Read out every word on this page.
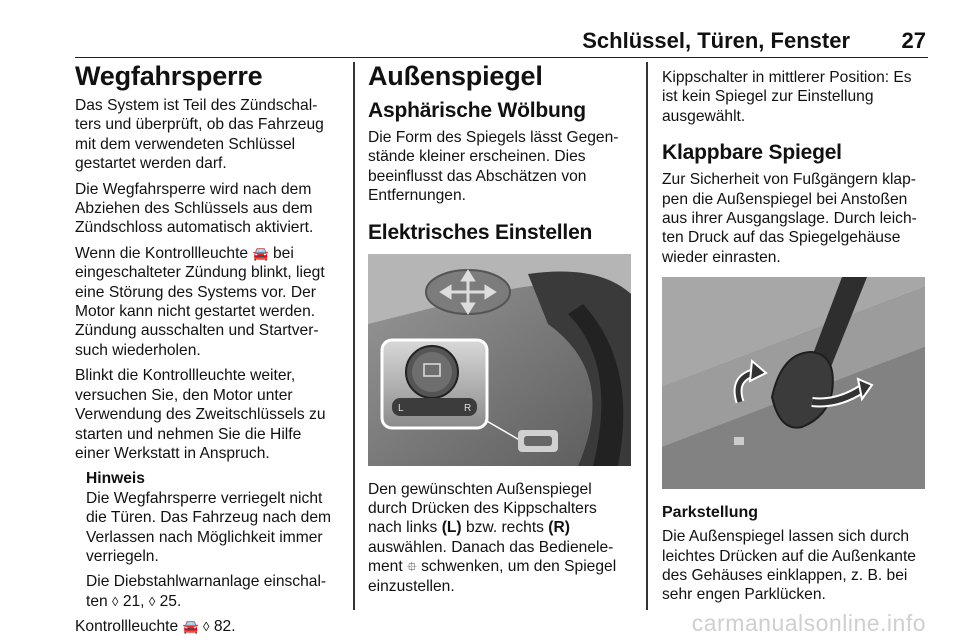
Schlüssel, Türen, Fenster 27
Wegfahrsperre

Das System ist Teil des Zündschal-ters und überprüft, ob das Fahrzeug mit dem verwendeten Schlüssel gestartet werden darf.

Die Wegfahrsperre wird nach dem Abziehen des Schlüssels aus dem Zündschloss automatisch aktiviert.

Wenn die Kontrollleuchte 🚘 bei eingeschalteter Zündung blinkt, liegt eine Störung des Systems vor. Der Motor kann nicht gestartet werden. Zündung ausschalten und Startver-such wiederholen.

Blinkt die Kontrollleuchte weiter, versuchen Sie, den Motor unter Verwendung des Zweitschlüssels zu starten und nehmen Sie die Hilfe einer Werkstatt in Anspruch.

Hinweis

Die Wegfahrsperre verriegelt nicht die Türen. Das Fahrzeug nach dem Verlassen nach Möglichkeit immer verriegeln.

Die Diebstahlwarnanlage einschal-ten ◊ 21, ◊ 25.

Kontrollleuchte 🚘 ◊ 82.

Außenspiegel
Asphärische Wölbung

Die Form des Spiegels lässt Gegen-stände kleiner erscheinen. Dies beeinflusst das Abschätzen von Entfernungen.

Elektrisches Einstellen
L	R

Den gewünschten Außenspiegel durch Drücken des Kippschalters nach links (L) bzw. rechts (R) auswählen. Danach das Bedienele-ment ⯐ schwenken, um den Spiegel einzustellen.

Kippschalter in mittlerer Position: Es ist kein Spiegel zur Einstellung ausgewählt.

Klappbare Spiegel

Zur Sicherheit von Fußgängern klap-pen die Außenspiegel bei Anstoßen aus ihrer Ausgangslage. Durch leich-ten Druck auf das Spiegelgehäuse wieder einrasten.

Parkstellung

Die Außenspiegel lassen sich durch leichtes Drücken auf die Außenkante des Gehäuses einklappen, z. B. bei sehr engen Parklücken.

carmanualsonline.info
